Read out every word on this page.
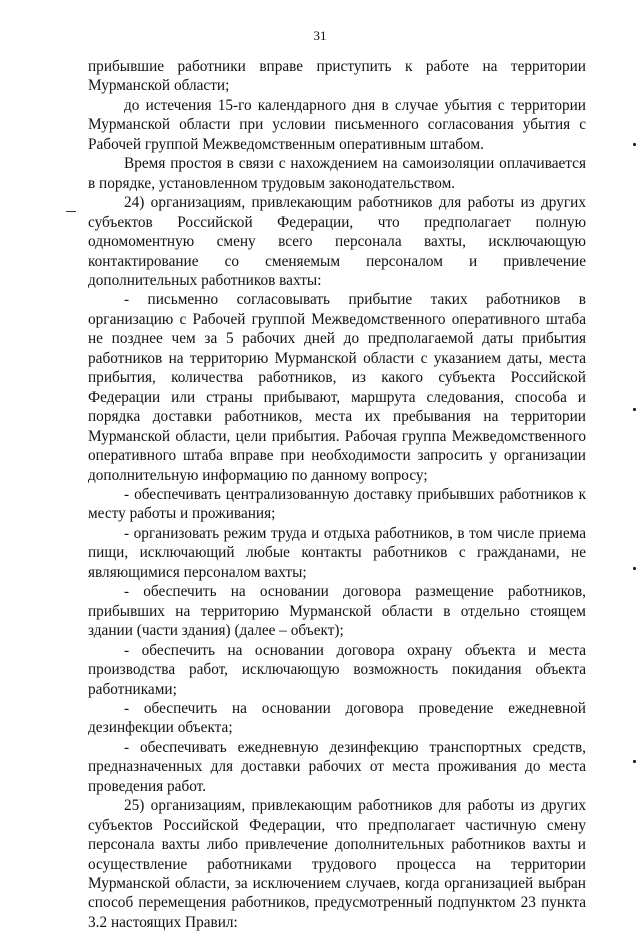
31

прибывшие работники вправе приступить к работе на территории Мурманской области;

до истечения 15-го календарного дня в случае убытия с территории Мурманской области при условии письменного согласования убытия с Рабочей группой Межведомственным оперативным штабом.

Время простоя в связи с нахождением на самоизоляции оплачивается в порядке, установленном трудовым законодательством.

24) организациям, привлекающим работников для работы из других субъектов Российской Федерации, что предполагает полную одномоментную смену всего персонала вахты, исключающую контактирование со сменяемым персоналом и привлечение дополнительных работников вахты:

- письменно согласовывать прибытие таких работников в организацию с Рабочей группой Межведомственного оперативного штаба не позднее чем за 5 рабочих дней до предполагаемой даты прибытия работников на территорию Мурманской области с указанием даты, места прибытия, количества работников, из какого субъекта Российской Федерации или страны прибывают, маршрута следования, способа и порядка доставки работников, места их пребывания на территории Мурманской области, цели прибытия. Рабочая группа Межведомственного оперативного штаба вправе при необходимости запросить у организации дополнительную информацию по данному вопросу;

- обеспечивать централизованную доставку прибывших работников к месту работы и проживания;

- организовать режим труда и отдыха работников, в том числе приема пищи, исключающий любые контакты работников с гражданами, не являющимися персоналом вахты;

- обеспечить на основании договора размещение работников, прибывших на территорию Мурманской области в отдельно стоящем здании (части здания) (далее – объект);

- обеспечить на основании договора охрану объекта и места производства работ, исключающую возможность покидания объекта работниками;

- обеспечить на основании договора проведение ежедневной дезинфекции объекта;

- обеспечивать ежедневную дезинфекцию транспортных средств, предназначенных для доставки рабочих от места проживания до места проведения работ.

25) организациям, привлекающим работников для работы из других субъектов Российской Федерации, что предполагает частичную смену персонала вахты либо привлечение дополнительных работников вахты и осуществление работниками трудового процесса на территории Мурманской области, за исключением случаев, когда организацией выбран способ перемещения работников, предусмотренный подпунктом 23 пункта 3.2 настоящих Правил:
